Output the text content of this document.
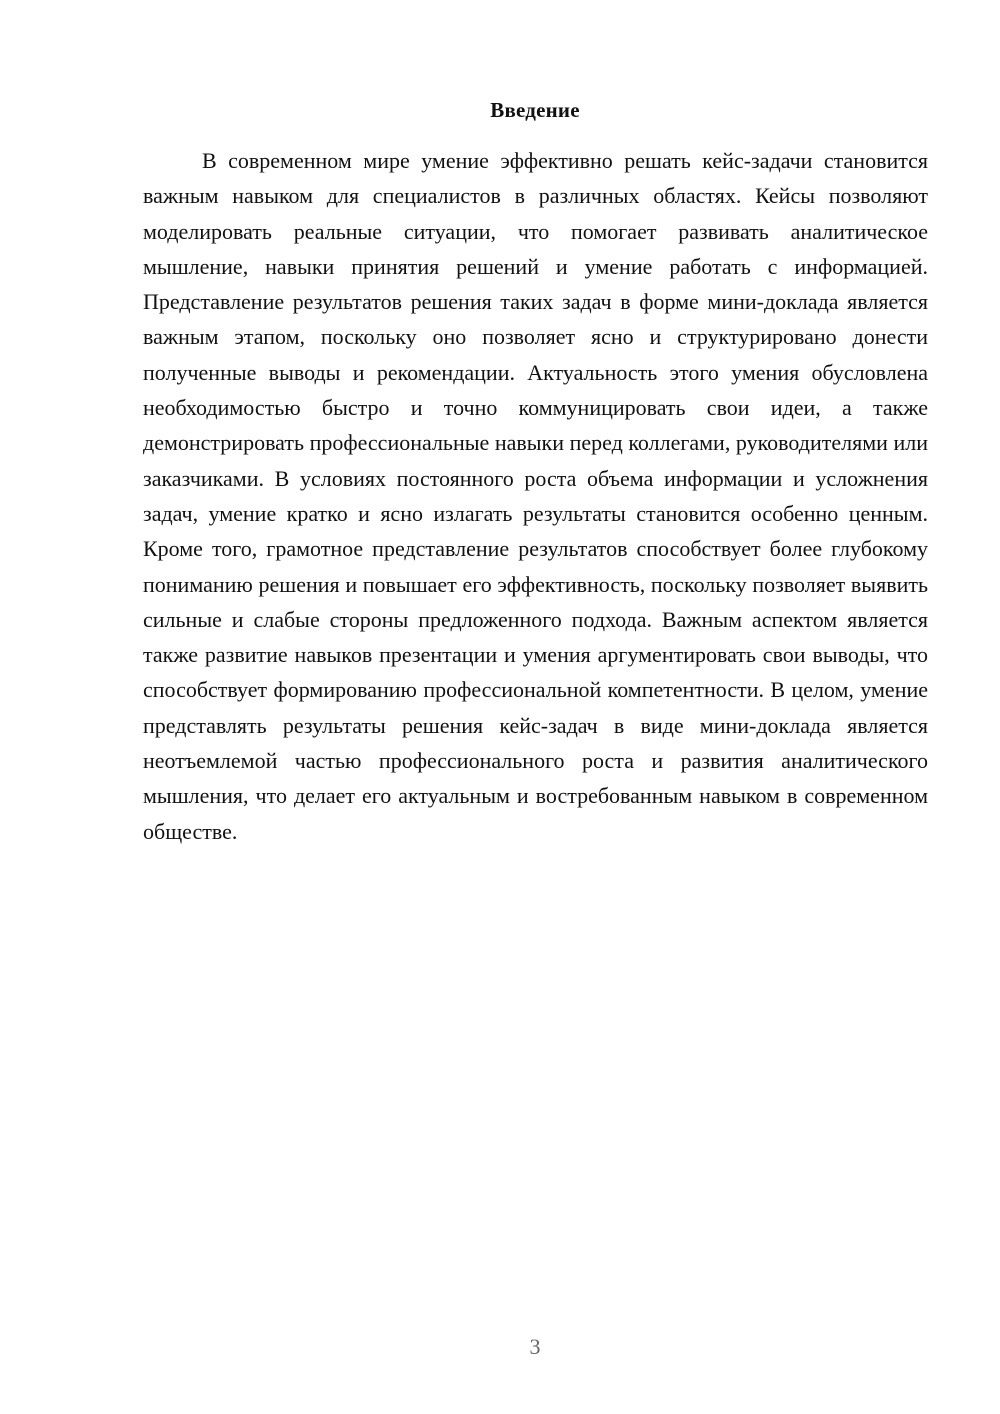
Введение

В современном мире умение эффективно решать кейс-задачи становится важным навыком для специалистов в различных областях. Кейсы позволяют моделировать реальные ситуации, что помогает развивать аналитическое мышление, навыки принятия решений и умение работать с информацией. Представление результатов решения таких задач в форме мини-доклада является важным этапом, поскольку оно позволяет ясно и структурировано донести полученные выводы и рекомендации. Актуальность этого умения обусловлена необходимостью быстро и точно коммуницировать свои идеи, а также демонстрировать профессиональные навыки перед коллегами, руководителями или заказчиками. В условиях постоянного роста объема информации и усложнения задач, умение кратко и ясно излагать результаты становится особенно ценным. Кроме того, грамотное представление результатов способствует более глубокому пониманию решения и повышает его эффективность, поскольку позволяет выявить сильные и слабые стороны предложенного подхода. Важным аспектом является также развитие навыков презентации и умения аргументировать свои выводы, что способствует формированию профессиональной компетентности. В целом, умение представлять результаты решения кейс-задач в виде мини-доклада является неотъемлемой частью профессионального роста и развития аналитического мышления, что делает его актуальным и востребованным навыком в современном обществе.

3
